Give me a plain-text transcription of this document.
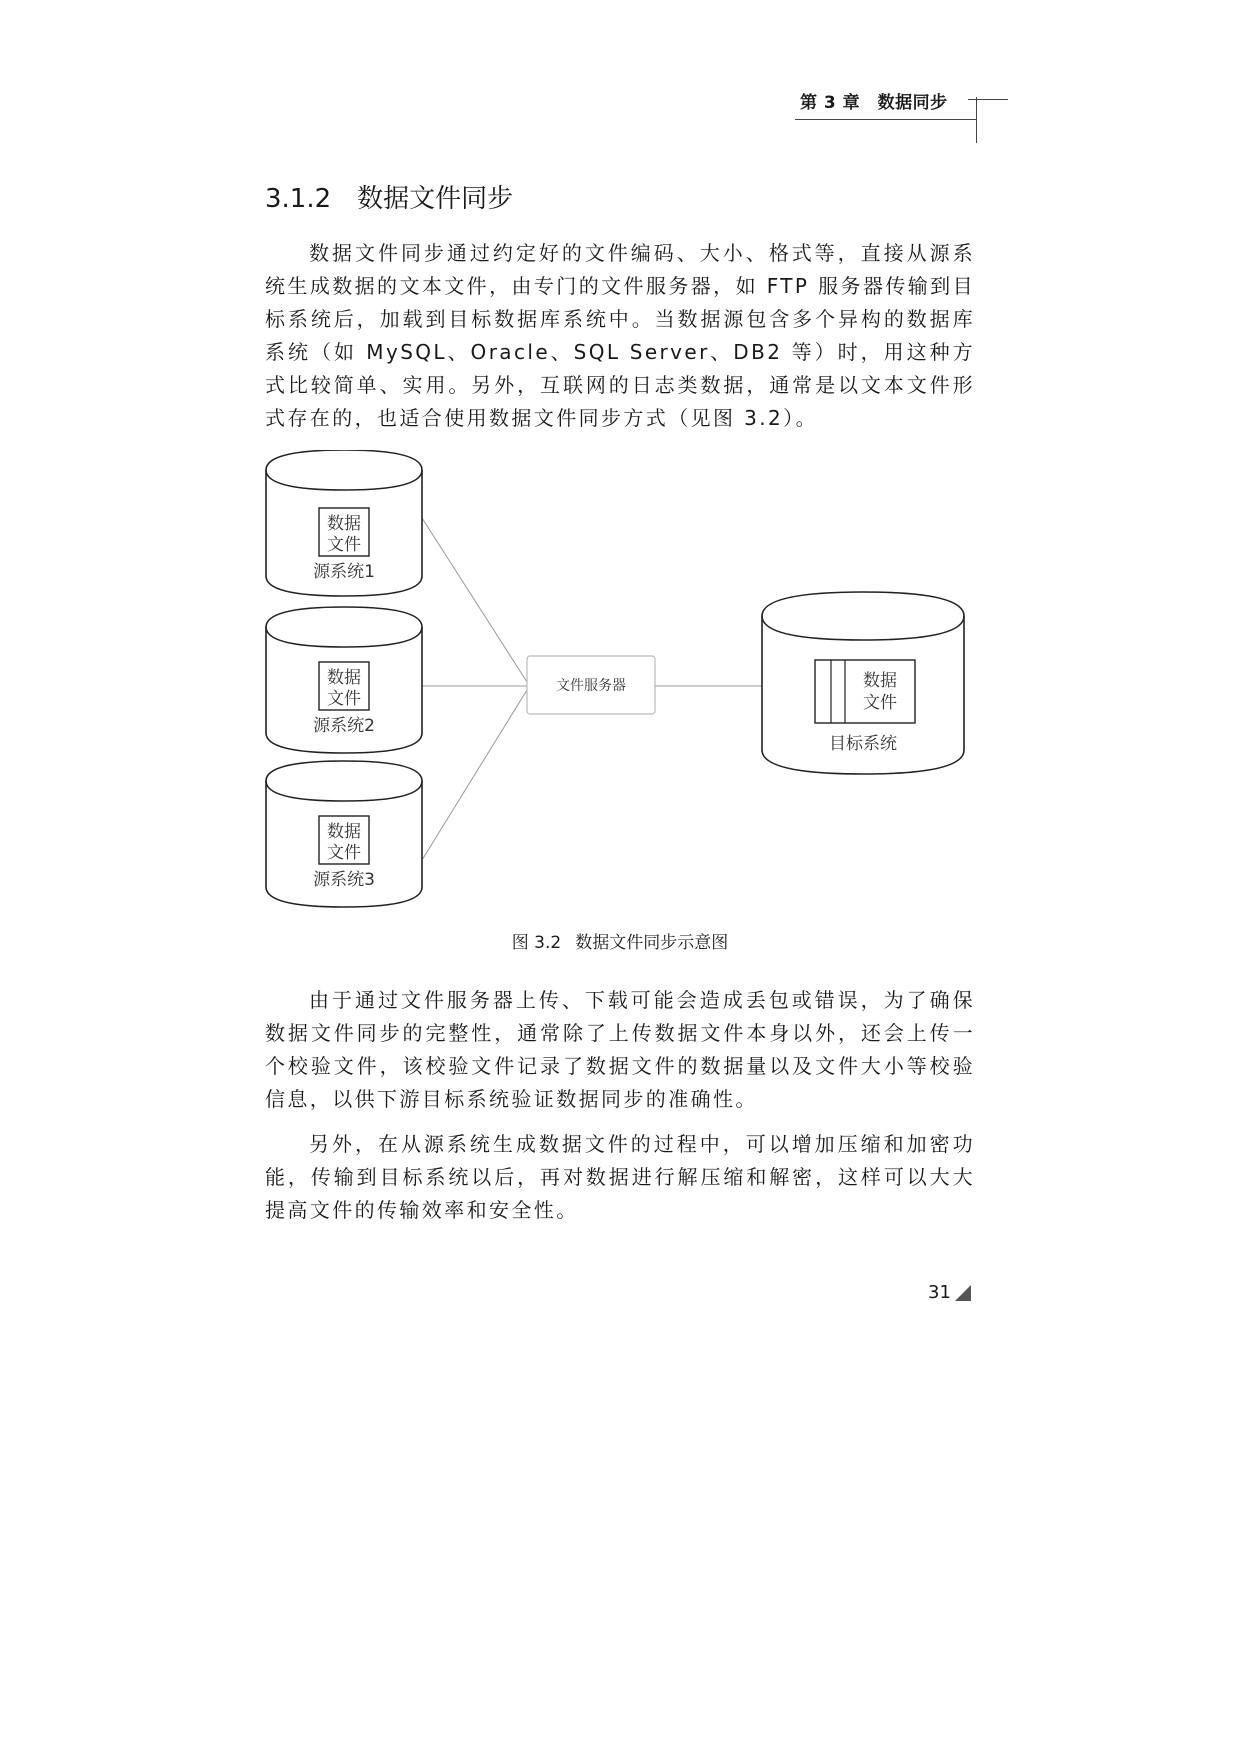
第 3 章　数据同步
3.1.2 数据文件同步

数据文件同步通过约定好的文件编码、大小、格式等，直接从源系统生成数据的文本文件，由专门的文件服务器，如 FTP 服务器传输到目标系统后，加载到目标数据库系统中。当数据源包含多个异构的数据库系统（如 MySQL、Oracle、SQL Server、DB2 等）时，用这种方式比较简单、实用。另外，互联网的日志类数据，通常是以文本文件形式存在的，也适合使用数据文件同步方式（见图 3.2）。

数据
文件
源系统1
数据
文件
源系统2
数据
文件
源系统3
文件服务器	数据
文件
目标系统
图 3.2 数据文件同步示意图

由于通过文件服务器上传、下载可能会造成丢包或错误，为了确保数据文件同步的完整性，通常除了上传数据文件本身以外，还会上传一个校验文件，该校验文件记录了数据文件的数据量以及文件大小等校验信息，以供下游目标系统验证数据同步的准确性。

另外，在从源系统生成数据文件的过程中，可以增加压缩和加密功能，传输到目标系统以后，再对数据进行解压缩和解密，这样可以大大提高文件的传输效率和安全性。

31
